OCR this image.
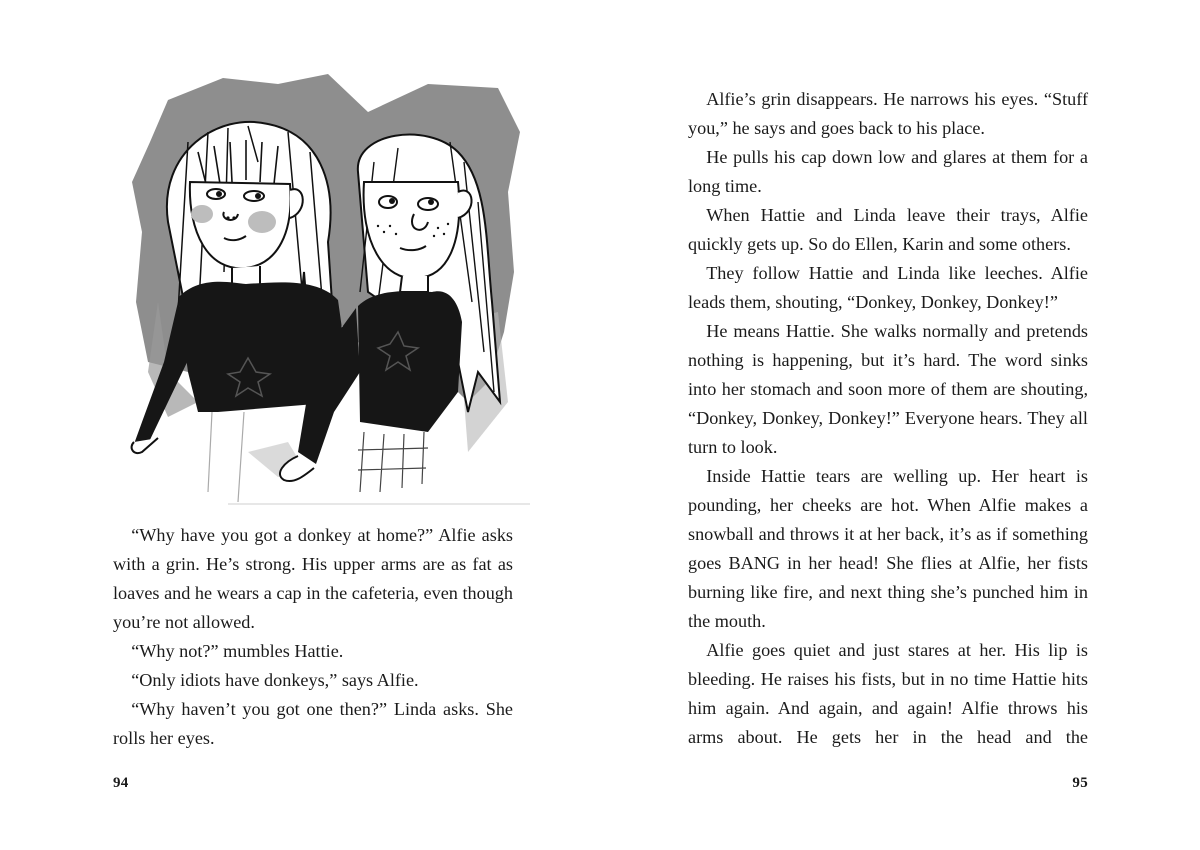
“Why have you got a donkey at home?” Alfie asks with a grin. He’s strong. His upper arms are as fat as loaves and he wears a cap in the cafeteria, even though you’re not allowed.

“Why not?” mumbles Hattie.

“Only idiots have donkeys,” says Alfie.

“Why haven’t you got one then?” Linda asks. She rolls her eyes.

94

Alfie’s grin disappears. He narrows his eyes. “Stuff you,” he says and goes back to his place.

He pulls his cap down low and glares at them for a long time.

When Hattie and Linda leave their trays, Alfie quickly gets up. So do Ellen, Karin and some others.

They follow Hattie and Linda like leeches. Alfie leads them, shouting, “Donkey, Donkey, Donkey!”

He means Hattie. She walks normally and pretends nothing is happening, but it’s hard. The word sinks into her stomach and soon more of them are shouting, “Donkey, Donkey, Donkey!” Everyone hears. They all turn to look.

Inside Hattie tears are welling up. Her heart is pounding, her cheeks are hot. When Alfie makes a snowball and throws it at her back, it’s as if something goes BANG in her head! She flies at Alfie, her fists burning like fire, and next thing she’s punched him in the mouth.

Alfie goes quiet and just stares at her. His lip is bleeding. He raises his fists, but in no time Hattie hits him again. And again, and again! Alfie throws his arms about. He gets her in the head and the

95
